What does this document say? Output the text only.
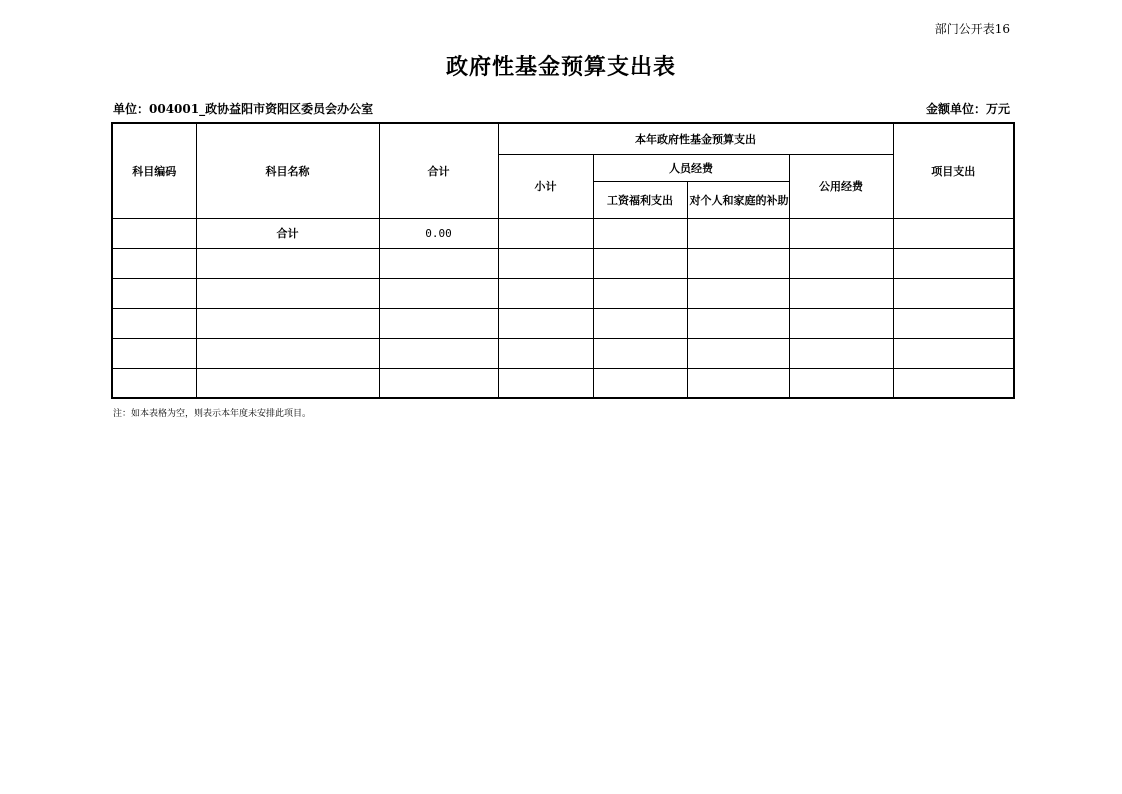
部门公开表16
政府性基金预算支出表
单位：004001_政协益阳市资阳区委员会办公室	金额单位：万元
科目编码	科目名称	合计	本年政府性基金预算支出				项目支出
			小计	人员经费		公用经费	
				工资福利支出	对个人和家庭的补助		
	合计	0.00					

注：如本表格为空，则表示本年度未安排此项目。
